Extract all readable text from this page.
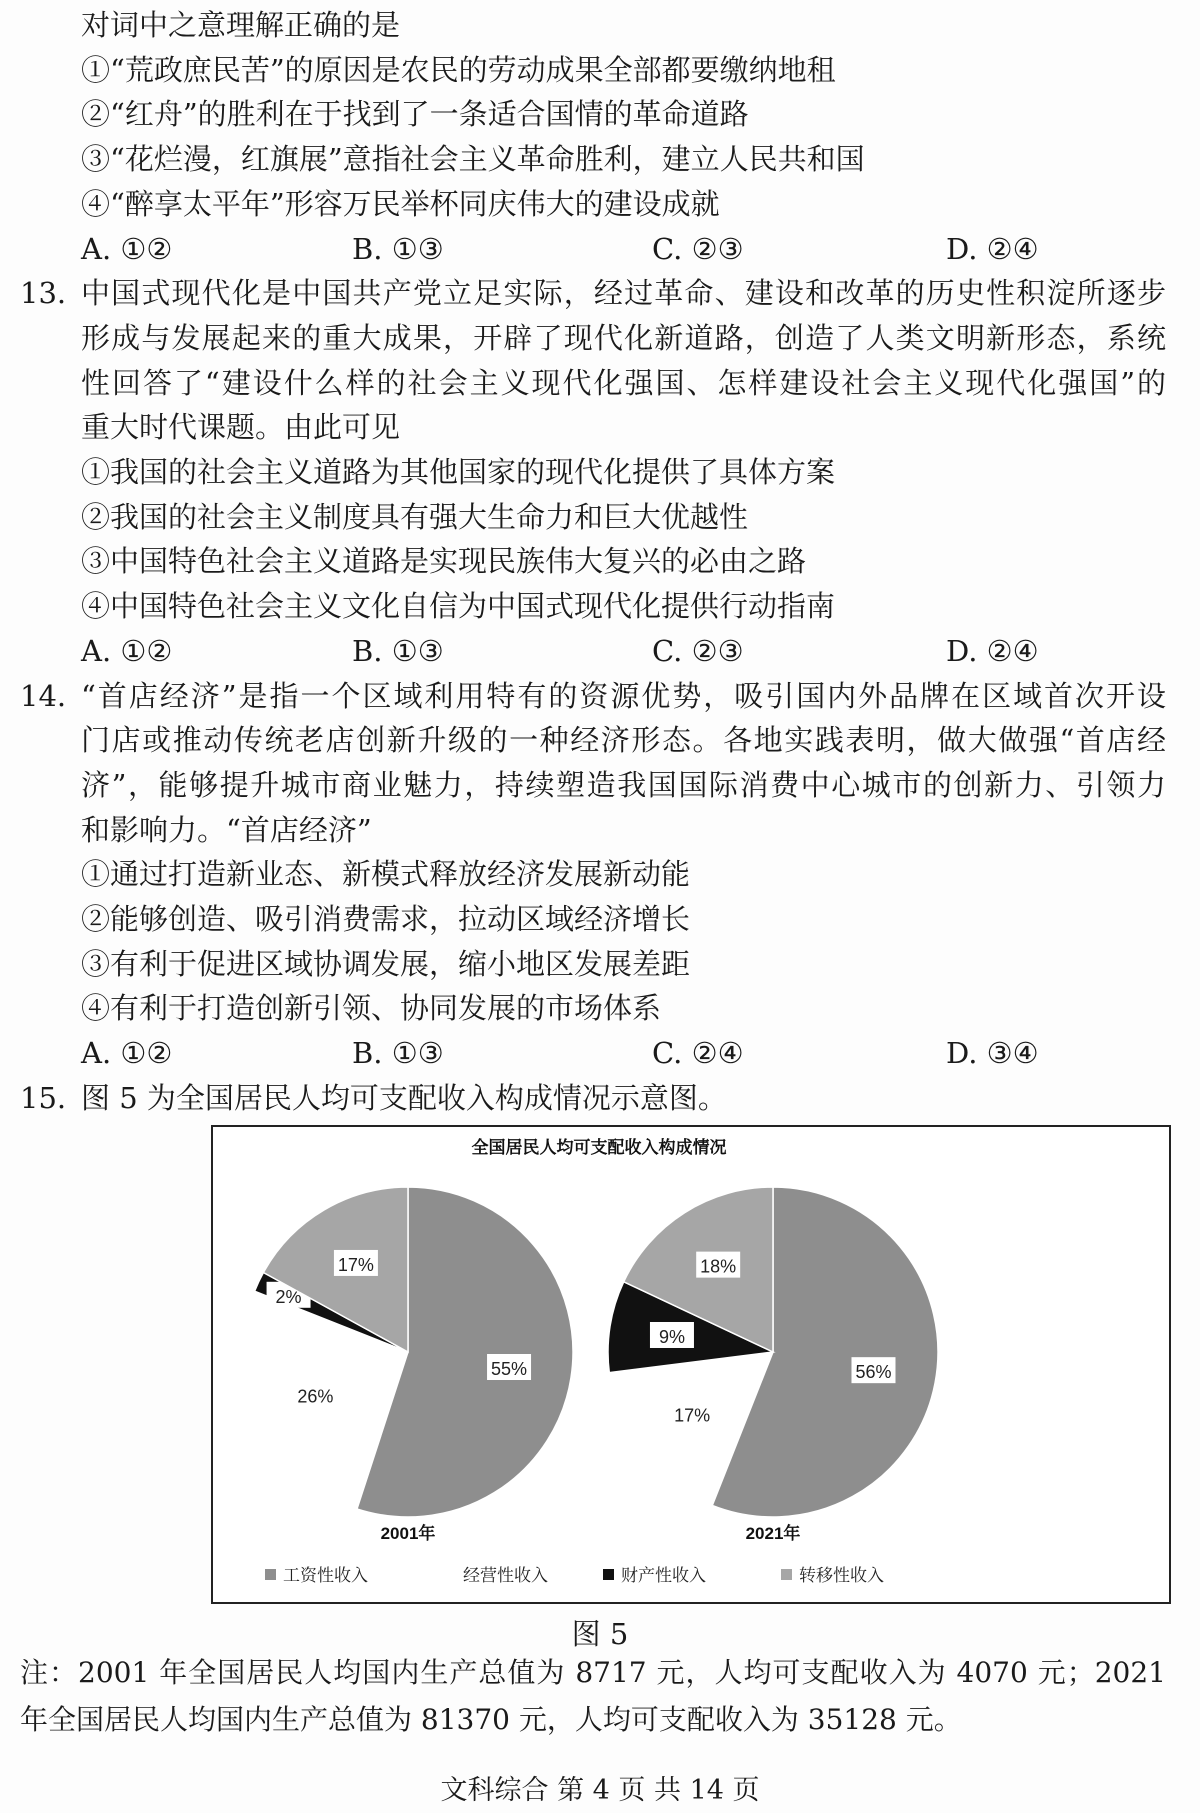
对词中之意理解正确的是
①“荒政庶民苦”的原因是农民的劳动成果全部都要缴纳地租
②“红舟”的胜利在于找到了一条适合国情的革命道路
③“花烂漫，红旗展”意指社会主义革命胜利，建立人民共和国
④“醉享太平年”形容万民举杯同庆伟大的建设成就
A. ①②	B. ①③	C. ②③	D. ②④
13. 中国式现代化是中国共产党立足实际，经过革命、建设和改革的历史性积淀所逐步
形成与发展起来的重大成果，开辟了现代化新道路，创造了人类文明新形态，系统
性回答了“建设什么样的社会主义现代化强国、怎样建设社会主义现代化强国”的
重大时代课题。由此可见
①我国的社会主义道路为其他国家的现代化提供了具体方案
②我国的社会主义制度具有强大生命力和巨大优越性
③中国特色社会主义道路是实现民族伟大复兴的必由之路
④中国特色社会主义文化自信为中国式现代化提供行动指南
A. ①②	B. ①③	C. ②③	D. ②④
14. “首店经济”是指一个区域利用特有的资源优势，吸引国内外品牌在区域首次开设
门店或推动传统老店创新升级的一种经济形态。各地实践表明，做大做强“首店经
济”，能够提升城市商业魅力，持续塑造我国国际消费中心城市的创新力、引领力
和影响力。“首店经济”
①通过打造新业态、新模式释放经济发展新动能
②能够创造、吸引消费需求，拉动区域经济增长
③有利于促进区域协调发展，缩小地区发展差距
④有利于打造创新引领、协同发展的市场体系
A. ①②	B. ①③	C. ②④	D. ③④
15. 图 5 为全国居民人均可支配收入构成情况示意图。
全国居民人均可支配收入构成情况
55%
26%
2%
17%
2001年
56%
17%
9%
18%
2021年
工资性收入	经营性收入	财产性收入	转移性收入
图 5
注：2001 年全国居民人均国内生产总值为 8717 元，人均可支配收入为 4070 元；2021
年全国居民人均国内生产总值为 81370 元，人均可支配收入为 35128 元。
文科综合 第 4 页 共 14 页
